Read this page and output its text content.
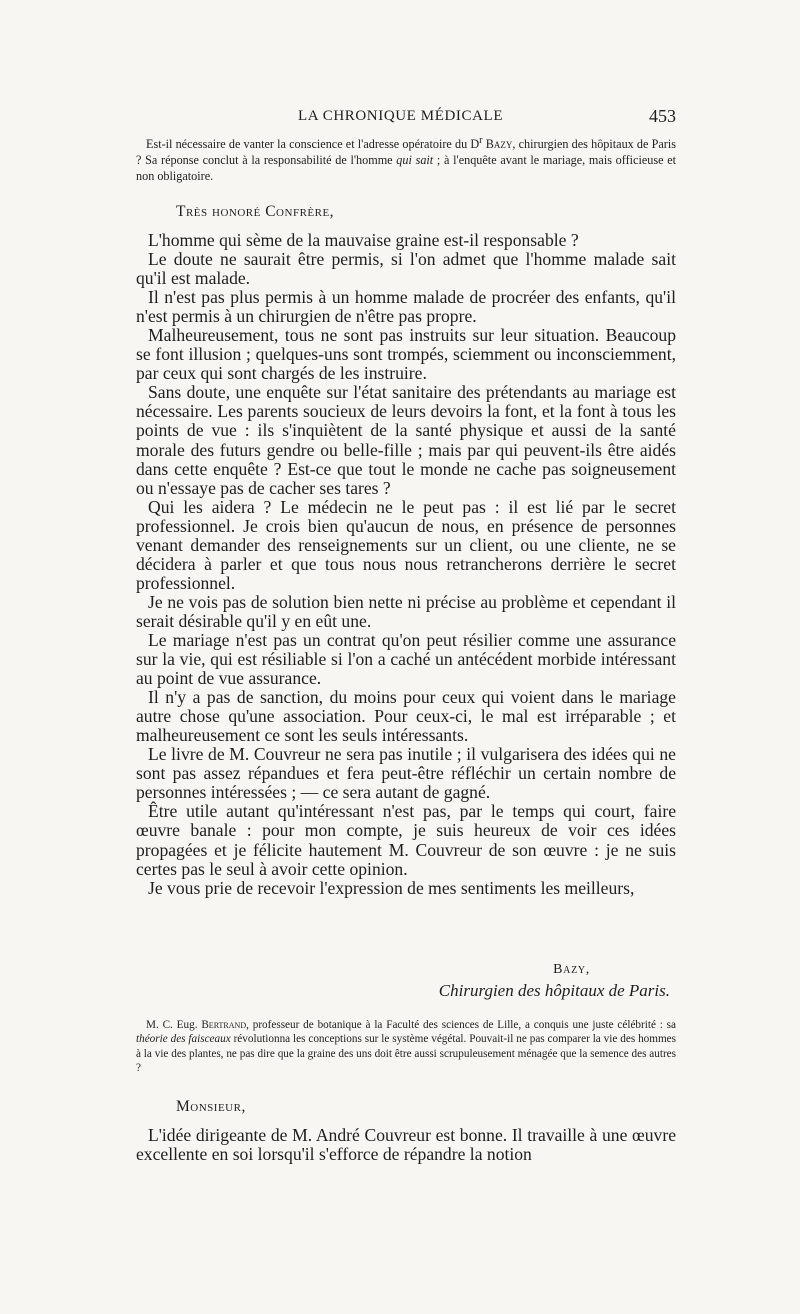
LA CHRONIQUE MÉDICALE	453

Est-il nécessaire de vanter la conscience et l'adresse opératoire du $D^r$ Bazy, chirurgien des hôpitaux de Paris ? Sa réponse conclut à la responsabilité de l'homme qui sait ; à l'enquête avant le mariage, mais officieuse et non obligatoire.

Très honoré Confrère,

L'homme qui sème de la mauvaise graine est-il responsable ?

Le doute ne saurait être permis, si l'on admet que l'homme malade sait qu'il est malade.

Il n'est pas plus permis à un homme malade de procréer des enfants, qu'il n'est permis à un chirurgien de n'être pas propre.

Malheureusement, tous ne sont pas instruits sur leur situation. Beaucoup se font illusion ; quelques-uns sont trompés, sciemment ou inconsciemment, par ceux qui sont chargés de les instruire.

Sans doute, une enquête sur l'état sanitaire des prétendants au mariage est nécessaire. Les parents soucieux de leurs devoirs la font, et la font à tous les points de vue : ils s'inquiètent de la santé physique et aussi de la santé morale des futurs gendre ou belle-fille ; mais par qui peuvent-ils être aidés dans cette enquête ? Est-ce que tout le monde ne cache pas soigneusement ou n'essaye pas de cacher ses tares ?

Qui les aidera ? Le médecin ne le peut pas : il est lié par le secret professionnel. Je crois bien qu'aucun de nous, en présence de personnes venant demander des renseignements sur un client, ou une cliente, ne se décidera à parler et que tous nous nous retrancherons derrière le secret professionnel.

Je ne vois pas de solution bien nette ni précise au problème et cependant il serait désirable qu'il y en eût une.

Le mariage n'est pas un contrat qu'on peut résilier comme une assurance sur la vie, qui est résiliable si l'on a caché un antécédent morbide intéressant au point de vue assurance.

Il n'y a pas de sanction, du moins pour ceux qui voient dans le mariage autre chose qu'une association. Pour ceux-ci, le mal est irréparable ; et malheureusement ce sont les seuls intéressants.

Le livre de M. Couvreur ne sera pas inutile ; il vulgarisera des idées qui ne sont pas assez répandues et fera peut-être réfléchir un certain nombre de personnes intéressées ; — ce sera autant de gagné.

Être utile autant qu'intéressant n'est pas, par le temps qui court, faire œuvre banale : pour mon compte, je suis heureux de voir ces idées propagées et je félicite hautement M. Couvreur de son œuvre : je ne suis certes pas le seul à avoir cette opinion.

Je vous prie de recevoir l'expression de mes sentiments les meilleurs,

Bazy,

Chirurgien des hôpitaux de Paris.

M. C. Eug. Bertrand, professeur de botanique à la Faculté des sciences de Lille, a conquis une juste célébrité : sa théorie des faisceaux révolutionna les conceptions sur le système végétal. Pouvait-il ne pas comparer la vie des hommes à la vie des plantes, ne pas dire que la graine des uns doit être aussi scrupuleusement ménagée que la semence des autres ?

Monsieur,

L'idée dirigeante de M. André Couvreur est bonne. Il travaille à une œuvre excellente en soi lorsqu'il s'efforce de répandre la notion
